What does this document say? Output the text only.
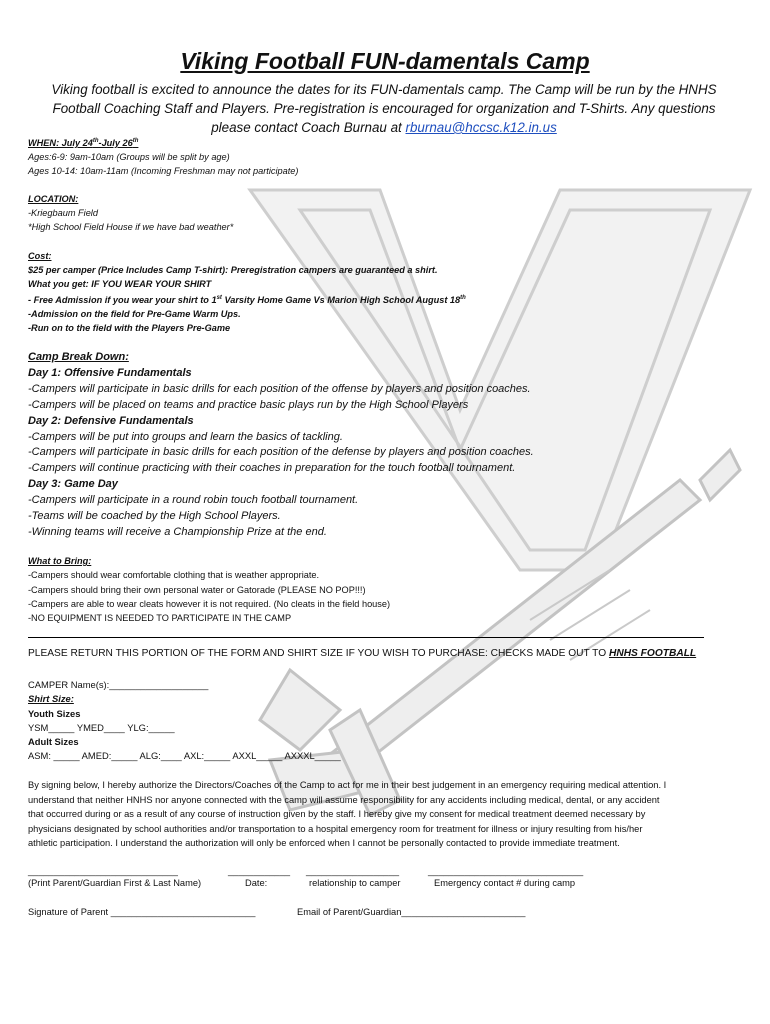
Viking Football FUN-damentals Camp
Viking football is excited to announce the dates for its FUN-damentals camp. The Camp will be run by the HNHS
Football Coaching Staff and Players. Pre-registration is encouraged for organization and T-Shirts. Any questions
please contact Coach Burnau at rburnau@hccsc.k12.in.us
WHEN: July 24th-July 26th
Ages:6-9: 9am-10am (Groups will be split by age)
Ages 10-14: 10am-11am (Incoming Freshman may not participate)
LOCATION:
-Kriegbaum Field
*High School Field House if we have bad weather*
Cost:
$25 per camper (Price Includes Camp T-shirt): Preregistration campers are guaranteed a shirt.
What you get: IF YOU WEAR YOUR SHIRT
- Free Admission if you wear your shirt to 1st Varsity Home Game Vs Marion High School August 18th
-Admission on the field for Pre-Game Warm Ups.
-Run on to the field with the Players Pre-Game
Camp Break Down:
Day 1: Offensive Fundamentals
-Campers will participate in basic drills for each position of the offense by players and position coaches.
-Campers will be placed on teams and practice basic plays run by the High School Players
Day 2: Defensive Fundamentals
-Campers will be put into groups and learn the basics of tackling.
-Campers will participate in basic drills for each position of the defense by players and position coaches.
-Campers will continue practicing with their coaches in preparation for the touch football tournament.
Day 3: Game Day
-Campers will participate in a round robin touch football tournament.
-Teams will be coached by the High School Players.
-Winning teams will receive a Championship Prize at the end.
What to Bring:
-Campers should wear comfortable clothing that is weather appropriate.
-Campers should bring their own personal water or Gatorade (PLEASE NO POP!!!)
-Campers are able to wear cleats however it is not required. (No cleats in the field house)
-NO EQUIPMENT IS NEEDED TO PARTICIPATE IN THE CAMP
PLEASE RETURN THIS PORTION OF THE FORM AND SHIRT SIZE IF YOU WISH TO PURCHASE: CHECKS MADE OUT TO HNHS FOOTBALL
CAMPER Name(s):___________________
Shirt Size:
Youth Sizes
YSM_____ YMED____ YLG:_____
Adult Sizes
ASM: _____ AMED:_____ ALG:____ AXL:_____ AXXL_____ AXXXL_____
By signing below, I hereby authorize the Directors/Coaches of the Camp to act for me in their best judgement in an emergency requiring medical attention. I
understand that neither HNHS nor anyone connected with the camp will assume responsibility for any accidents including medical, dental, or any accident
that occurred during or as a result of any course of instruction given by the staff. I hereby give my consent for medical treatment deemed necessary by
physicians designated by school authorities and/or transportation to a hospital emergency room for treatment for illness or injury resulting from his/her
athletic participation. I understand the authorization will only be enforced when I cannot be personally contacted to provide immediate treatment.
_____________________________	____________ __________________	______________________________
(Print Parent/Guardian First & Last Name)	Date:	relationship to camper	Emergency contact # during camp
Signature of Parent ____________________________	Email of Parent/Guardian________________________
